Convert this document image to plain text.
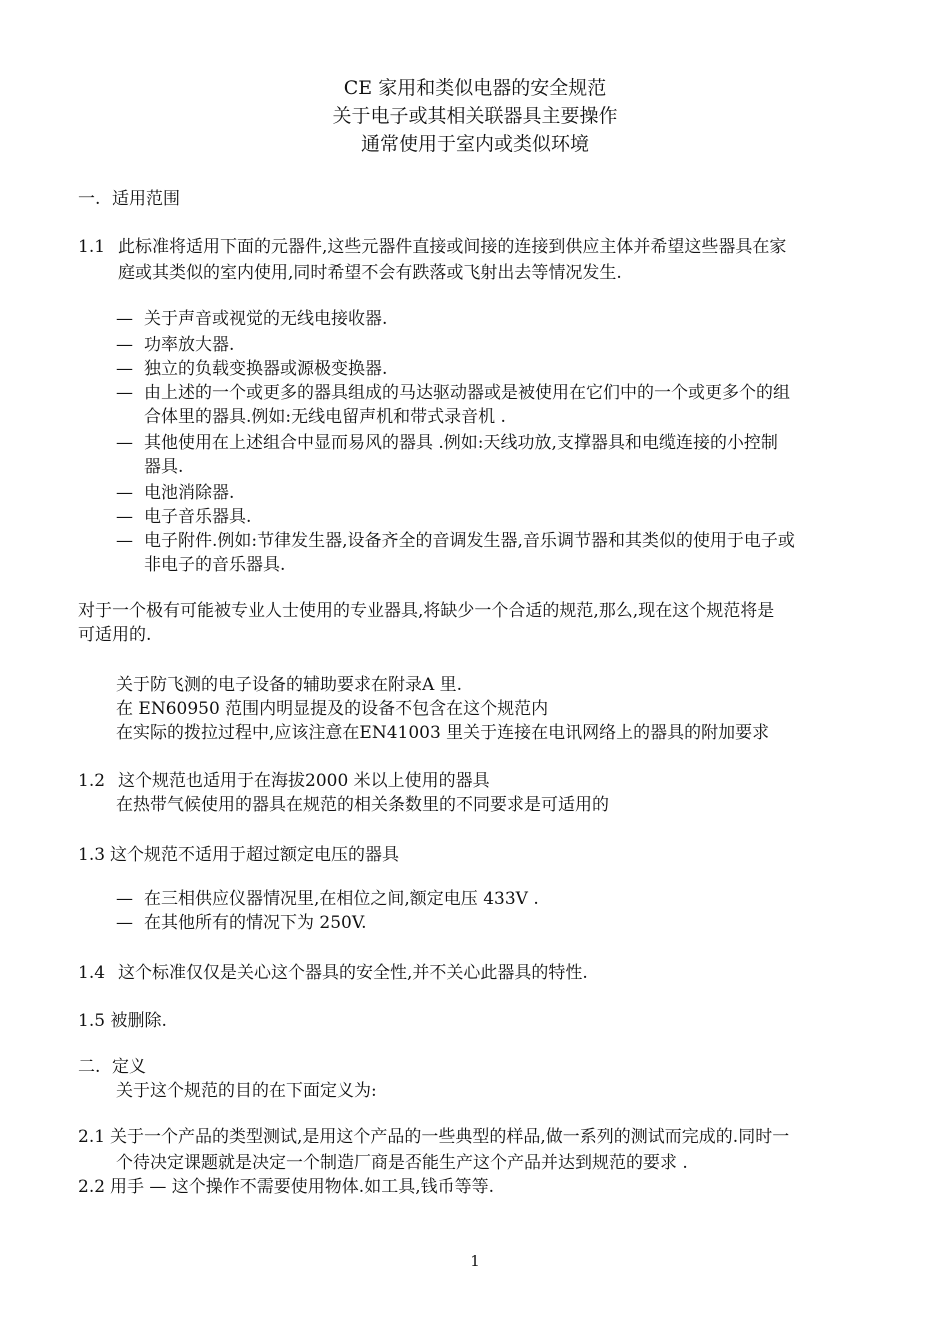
CE 家用和类似电器的安全规范
关于电子或其相关联器具主要操作
通常使用于室内或类似环境
一. 适用范围
1.1 此标准将适用下面的元器件,这些元器件直接或间接的连接到供应主体并希望这些器具在家
庭或其类似的室内使用,同时希望不会有跌落或飞射出去等情况发生.
— 关于声音或视觉的无线电接收器.
— 功率放大器.
— 独立的负载变换器或源极变换器.
— 由上述的一个或更多的器具组成的马达驱动器或是被使用在它们中的一个或更多个的组
合体里的器具.例如:无线电留声机和带式录音机 .
— 其他使用在上述组合中显而易风的器具 .例如:天线功放,支撑器具和电缆连接的小控制
器具.
— 电池消除器.
— 电子音乐器具.
— 电子附件.例如:节律发生器,设备齐全的音调发生器,音乐调节器和其类似的使用于电子或
非电子的音乐器具.
对于一个极有可能被专业人士使用的专业器具,将缺少一个合适的规范,那么,现在这个规范将是
可适用的.
关于防飞测的电子设备的辅助要求在附录A 里.
在 EN60950 范围内明显提及的设备不包含在这个规范内
在实际的拨拉过程中,应该注意在EN41003 里关于连接在电讯网络上的器具的附加要求
1.2 这个规范也适用于在海拔2000 米以上使用的器具
在热带气候使用的器具在规范的相关条数里的不同要求是可适用的
1.3 这个规范不适用于超过额定电压的器具
— 在三相供应仪器情况里,在相位之间,额定电压 433V .
— 在其他所有的情况下为 250V.
1.4 这个标准仅仅是关心这个器具的安全性,并不关心此器具的特性.
1.5 被删除.
二. 定义
关于这个规范的目的在下面定义为:
2.1 关于一个产品的类型测试,是用这个产品的一些典型的样品,做一系列的测试而完成的.同时一
个待决定课题就是决定一个制造厂商是否能生产这个产品并达到规范的要求 .
2.2 用手 — 这个操作不需要使用物体.如工具,钱币等等.
1
